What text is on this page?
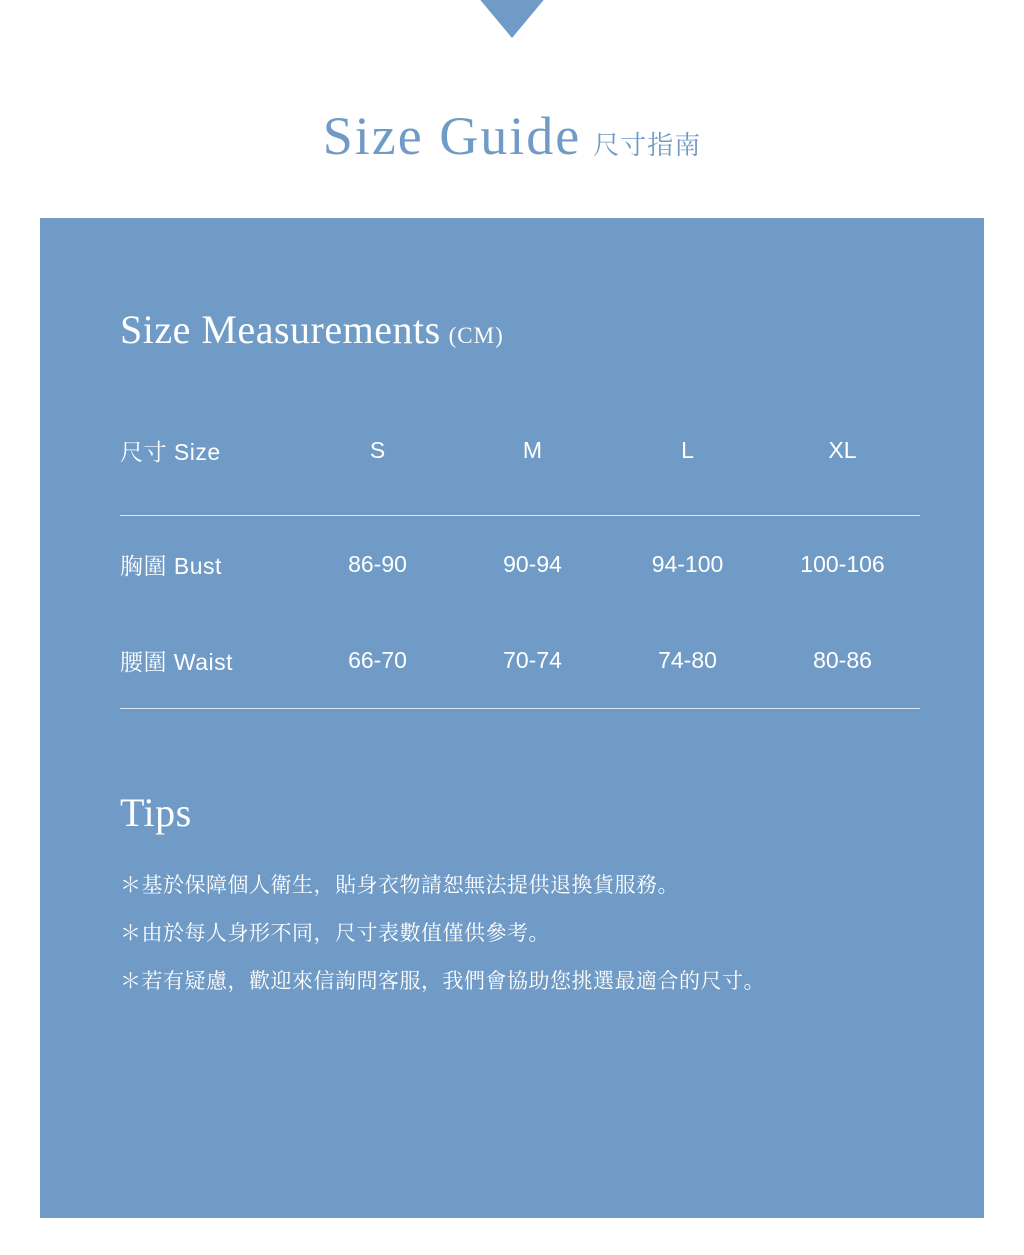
Size Guide 尺寸指南
Size Measurements (CM)
尺寸 Size	S	M	L	XL
胸圍 Bust	86-90	90-94	94-100	100-106
腰圍 Waist	66-70	70-74	74-80	80-86
Tips
＊基於保障個人衛生，貼身衣物請恕無法提供退換貨服務。
＊由於每人身形不同，尺寸表數值僅供參考。
＊若有疑慮，歡迎來信詢問客服，我們會協助您挑選最適合的尺寸。
